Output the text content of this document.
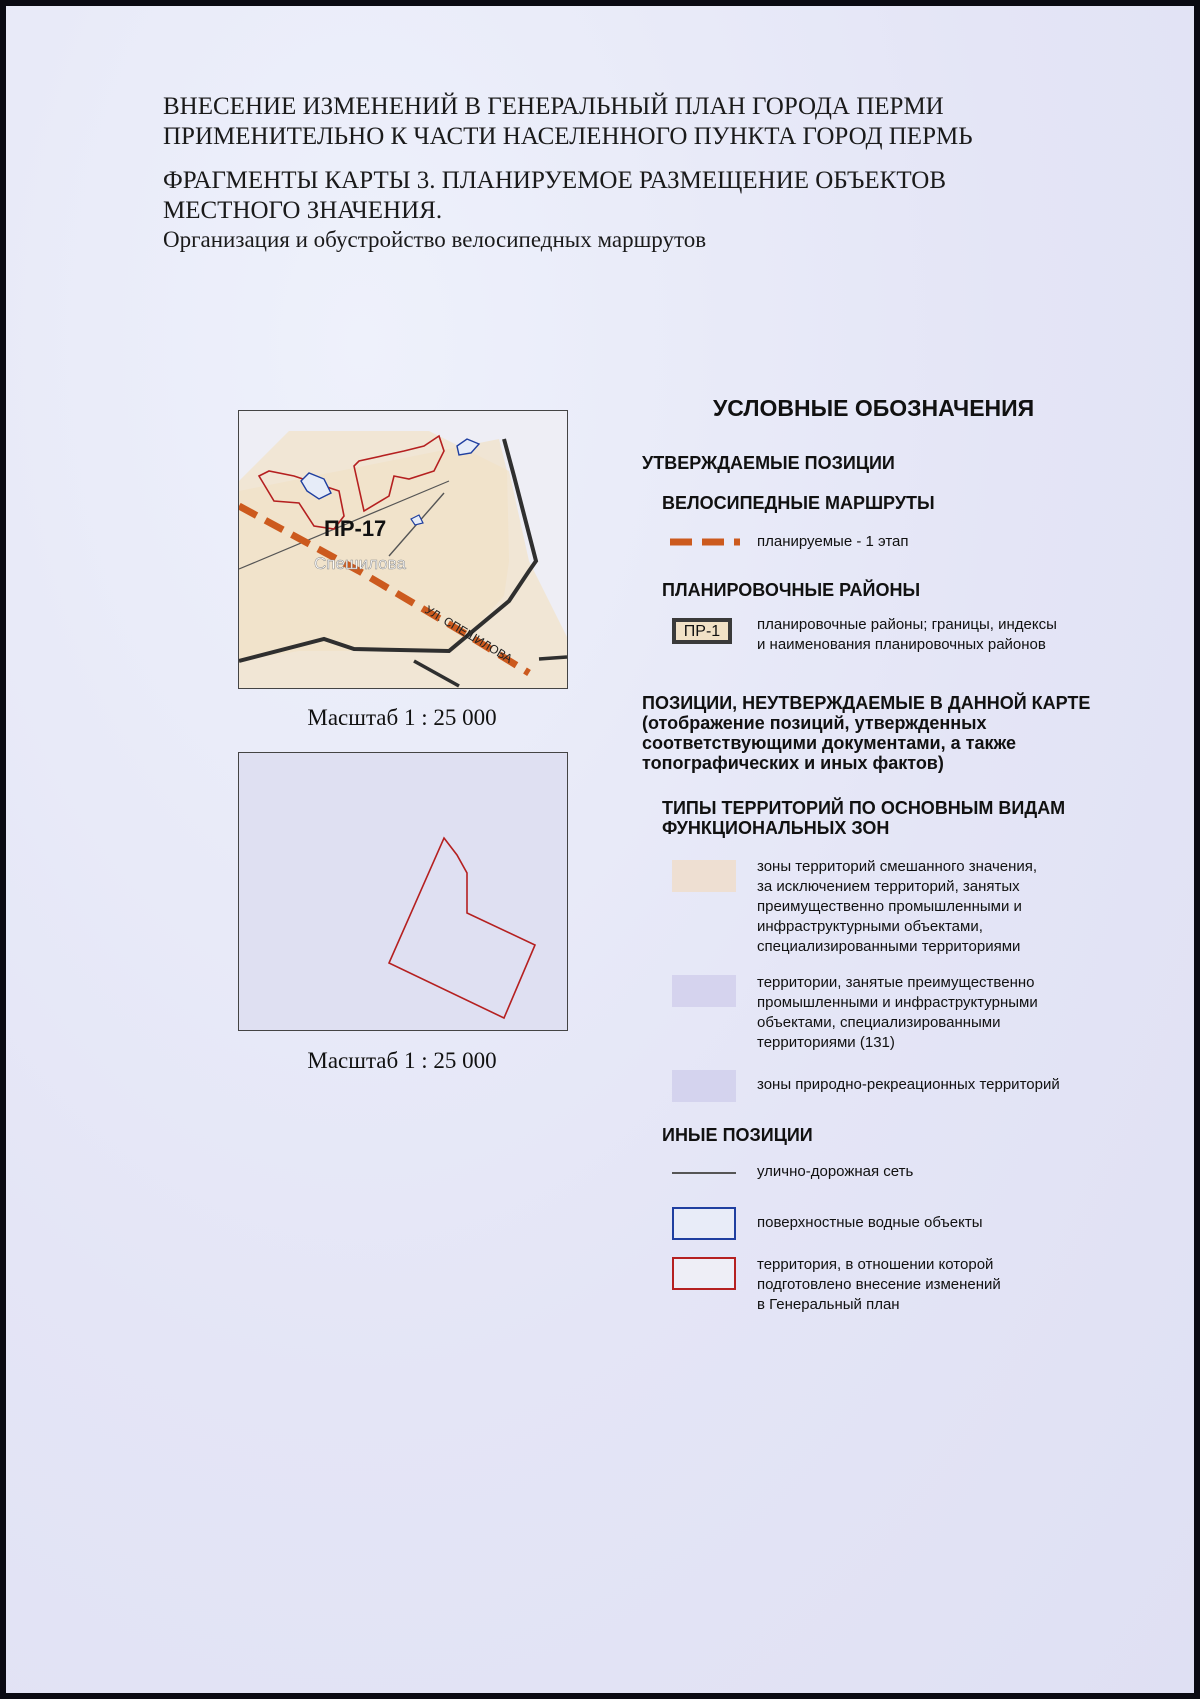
ВНЕСЕНИЕ ИЗМЕНЕНИЙ В ГЕНЕРАЛЬНЫЙ ПЛАН ГОРОДА ПЕРМИ
ПРИМЕНИТЕЛЬНО К ЧАСТИ НАСЕЛЕННОГО ПУНКТА ГОРОД ПЕРМЬ
ФРАГМЕНТЫ КАРТЫ 3. ПЛАНИРУЕМОЕ РАЗМЕЩЕНИЕ ОБЪЕКТОВ
МЕСТНОГО ЗНАЧЕНИЯ.
Организация и обустройство велосипедных маршрутов
ПР-17
Спешилова
УЛ. СПЕШИЛОВА
Масштаб 1 : 25 000
Масштаб 1 : 25 000
УСЛОВНЫЕ ОБОЗНАЧЕНИЯ
УТВЕРЖДАЕМЫЕ ПОЗИЦИИ
ВЕЛОСИПЕДНЫЕ МАРШРУТЫ
планируемые - 1 этап
ПЛАНИРОВОЧНЫЕ РАЙОНЫ
ПР-1	планировочные районы; границы, индексы
и наименования планировочных районов
ПОЗИЦИИ, НЕУТВЕРЖДАЕМЫЕ В ДАННОЙ КАРТЕ
(отображение позиций, утвержденных
соответствующими документами, а также
топографических и иных фактов)
ТИПЫ ТЕРРИТОРИЙ ПО ОСНОВНЫМ ВИДАМ
ФУНКЦИОНАЛЬНЫХ ЗОН
зоны территорий смешанного значения,
за исключением территорий, занятых
преимущественно промышленными и
инфраструктурными объектами,
специализированными территориями
территории, занятые преимущественно
промышленными и инфраструктурными
объектами, специализированными
территориями (131)
зоны природно-рекреационных территорий
ИНЫЕ ПОЗИЦИИ
улично-дорожная сеть
поверхностные водные объекты
территория, в отношении которой
подготовлено внесение изменений
в Генеральный план
